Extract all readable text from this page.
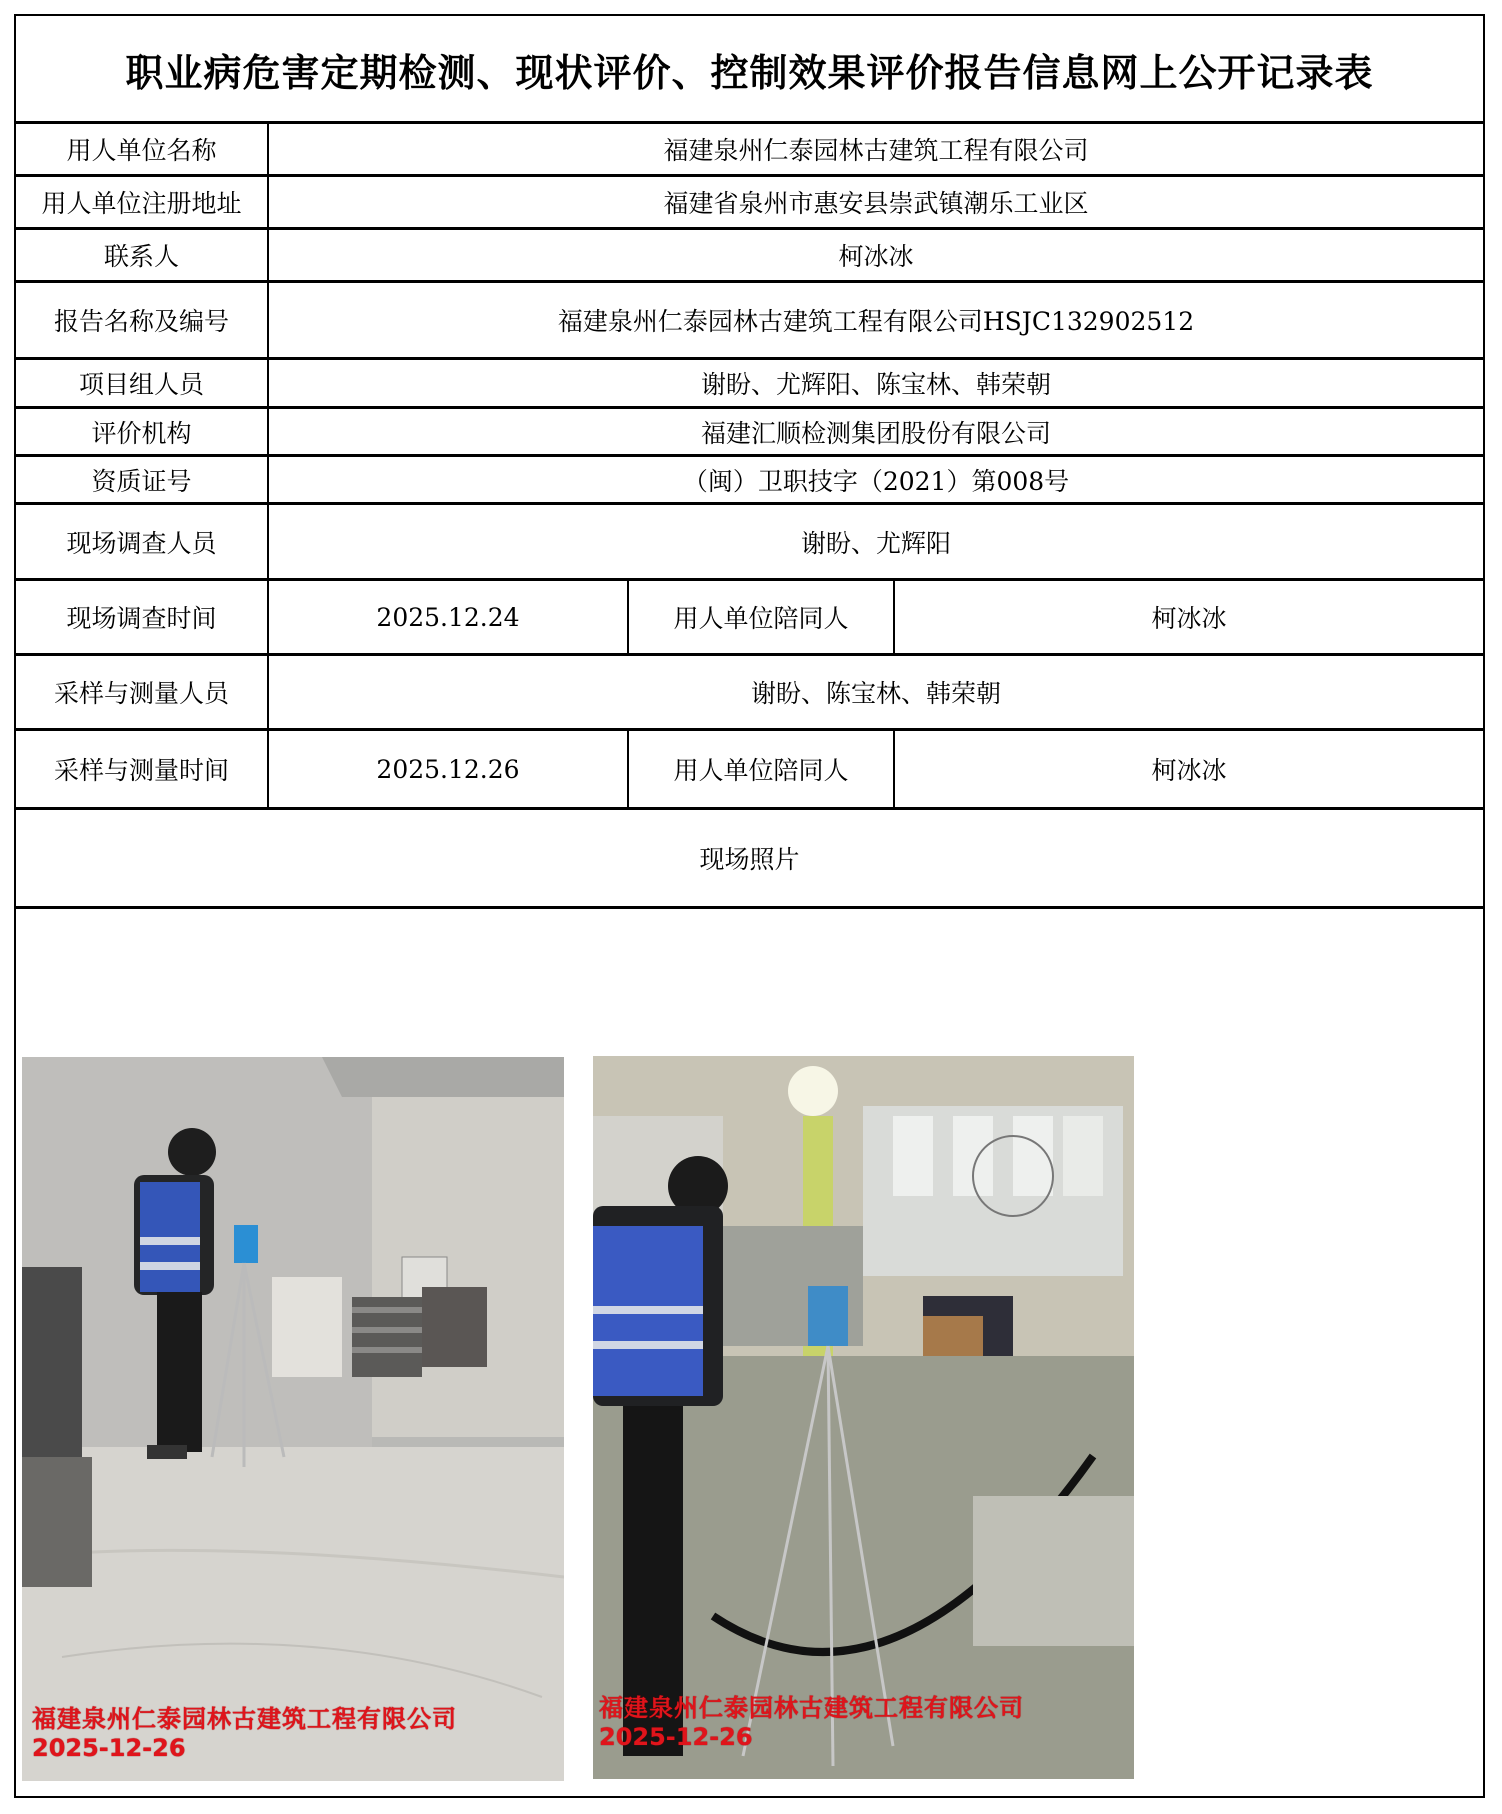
职业病危害定期检测、现状评价、控制效果评价报告信息网上公开记录表
用人单位名称	福建泉州仁泰园林古建筑工程有限公司
用人单位注册地址	福建省泉州市惠安县崇武镇潮乐工业区
联系人	柯冰冰
报告名称及编号	福建泉州仁泰园林古建筑工程有限公司HSJC132902512
项目组人员	谢盼、尤辉阳、陈宝林、韩荣朝
评价机构	福建汇顺检测集团股份有限公司
资质证号	（闽）卫职技字（2021）第008号
现场调查人员	谢盼、尤辉阳
现场调查时间	2025.12.24	用人单位陪同人	柯冰冰
采样与测量人员	谢盼、陈宝林、韩荣朝
采样与测量时间	2025.12.26	用人单位陪同人	柯冰冰
现场照片
福建泉州仁泰园林古建筑工程有限公司
2025-12-26
福建泉州仁泰园林古建筑工程有限公司
2025-12-26
